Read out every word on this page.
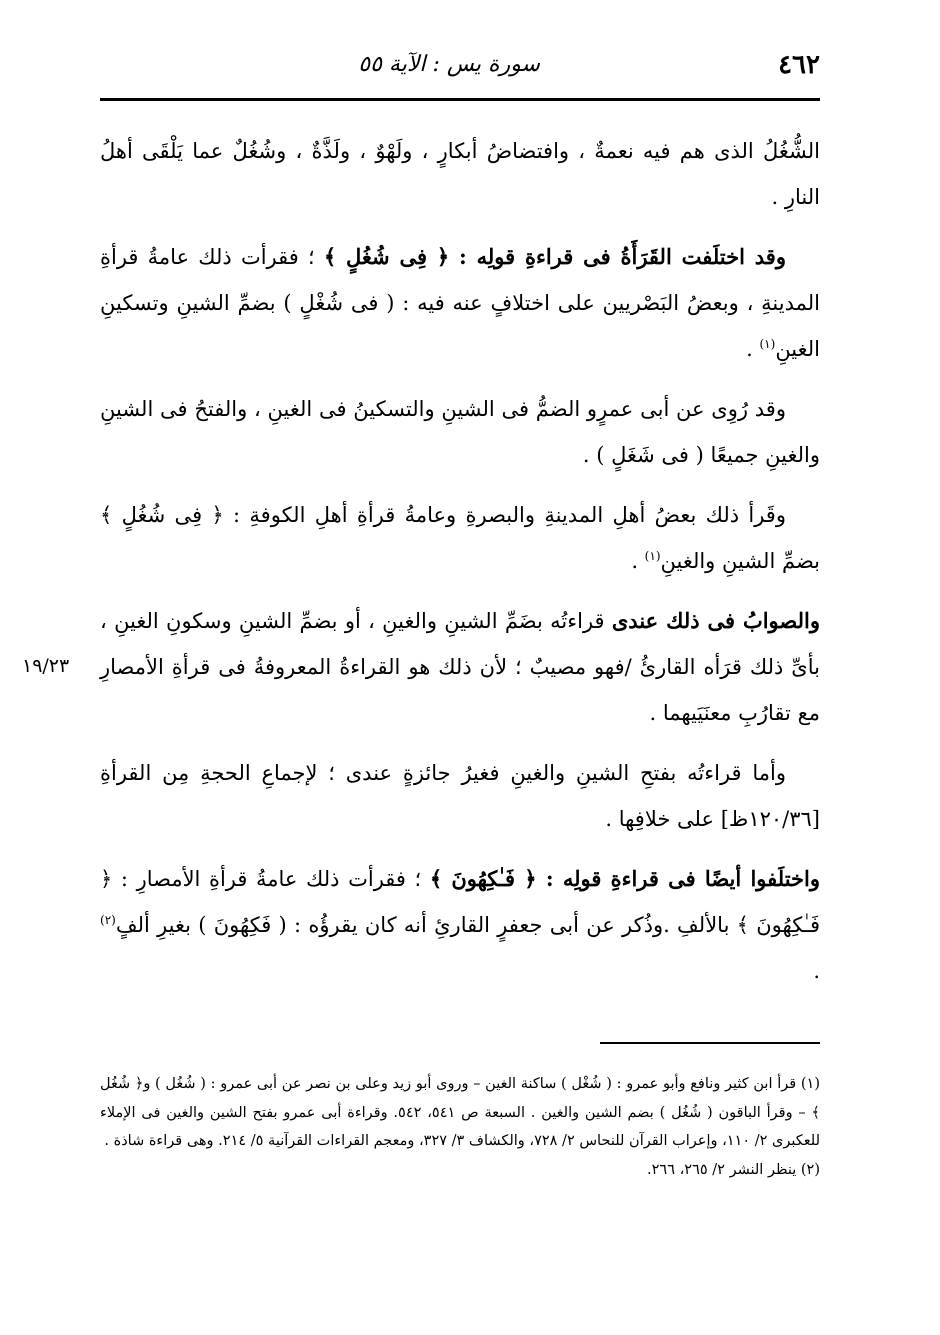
٤٦٢
سورة يس : الآية ٥٥
١٩/٢٣

الشُّغُلُ الذى هم فيه نعمةٌ ، وافتضاضُ أبكارٍ ، ولَهْوٌ ، ولَذَّةٌ ، وشُغُلٌ عما يَلْقَى أهلُ النارِ .

وقد اختلَفت القَرَأَةُ فى قراءةِ قولِه : ﴿ فِى شُغُلٍ ﴾ ؛ فقرأت ذلك عامةُ قرأةِ المدينةِ ، وبعضُ البَصْريين على اختلافٍ عنه فيه : ( فى شُغْلٍ ) بضمِّ الشينِ وتسكينِ الغينِ$^{(١)}$ .

وقد رُوِى عن أبى عمرٍو الضمُّ فى الشينِ والتسكينُ فى الغينِ ، والفتحُ فى الشينِ والغينِ جميعًا ( فى شَغَلٍ ) .

وقَرأ ذلك بعضُ أهلِ المدينةِ والبصرةِ وعامةُ قرأةِ أهلِ الكوفةِ : ﴿ فِى شُغُلٍ ﴾ بضمِّ الشينِ والغينِ$^{(١)}$ .

والصوابُ فى ذلك عندى قراءتُه بضَمِّ الشينِ والغينِ ، أو بضمِّ الشينِ وسكونِ الغينِ ، بأىِّ ذلك قرَأه القارئُ /فهو مصيبٌ ؛ لأن ذلك هو القراءةُ المعروفةُ فى قرأةِ الأمصارِ مع تقارُبِ معنَيَيهما .

وأما قراءتُه بفتحِ الشينِ والغينِ فغيرُ جائزةٍ عندى ؛ لإجماعِ الحجةِ مِن القرأةِ [١٢٠/٣٦ظ] على خلافِها .

واختلَفوا أيضًا فى قراءةِ قولِه : ﴿ فَـٰكِهُونَ ﴾ ؛ فقرأت ذلك عامةُ قرأةِ الأمصارِ : ﴿ فَـٰكِهُونَ ﴾ بالألفِ .وذُكر عن أبى جعفرٍ القارئِ أنه كان يقرؤُه : ( فَكِهُونَ ) بغيرِ ألفٍ$^{(٢)}$ .

(١) قرأ ابن كثير ونافع وأبو عمرو : ( شُغْل ) ساكنة الغين – وروى أبو زيد وعلى بن نصر عن أبى عمرو : ( شُغُل ) و﴿ شُغُل ﴾ – وقرأ الباقون ( شُغُل ) بضم الشين والغين . السبعة ص ٥٤١، ٥٤٢. وقراءة أبى عمرو بفتح الشين والغين فى الإملاء للعكبرى ٢/ ١١٠، وإعراب القرآن للنحاس ٢/ ٧٢٨، والكشاف ٣/ ٣٢٧، ومعجم القراءات القرآنية ٥/ ٢١٤. وهى قراءة شاذة .

(٢) ينظر النشر ٢/ ٢٦٥، ٢٦٦.
